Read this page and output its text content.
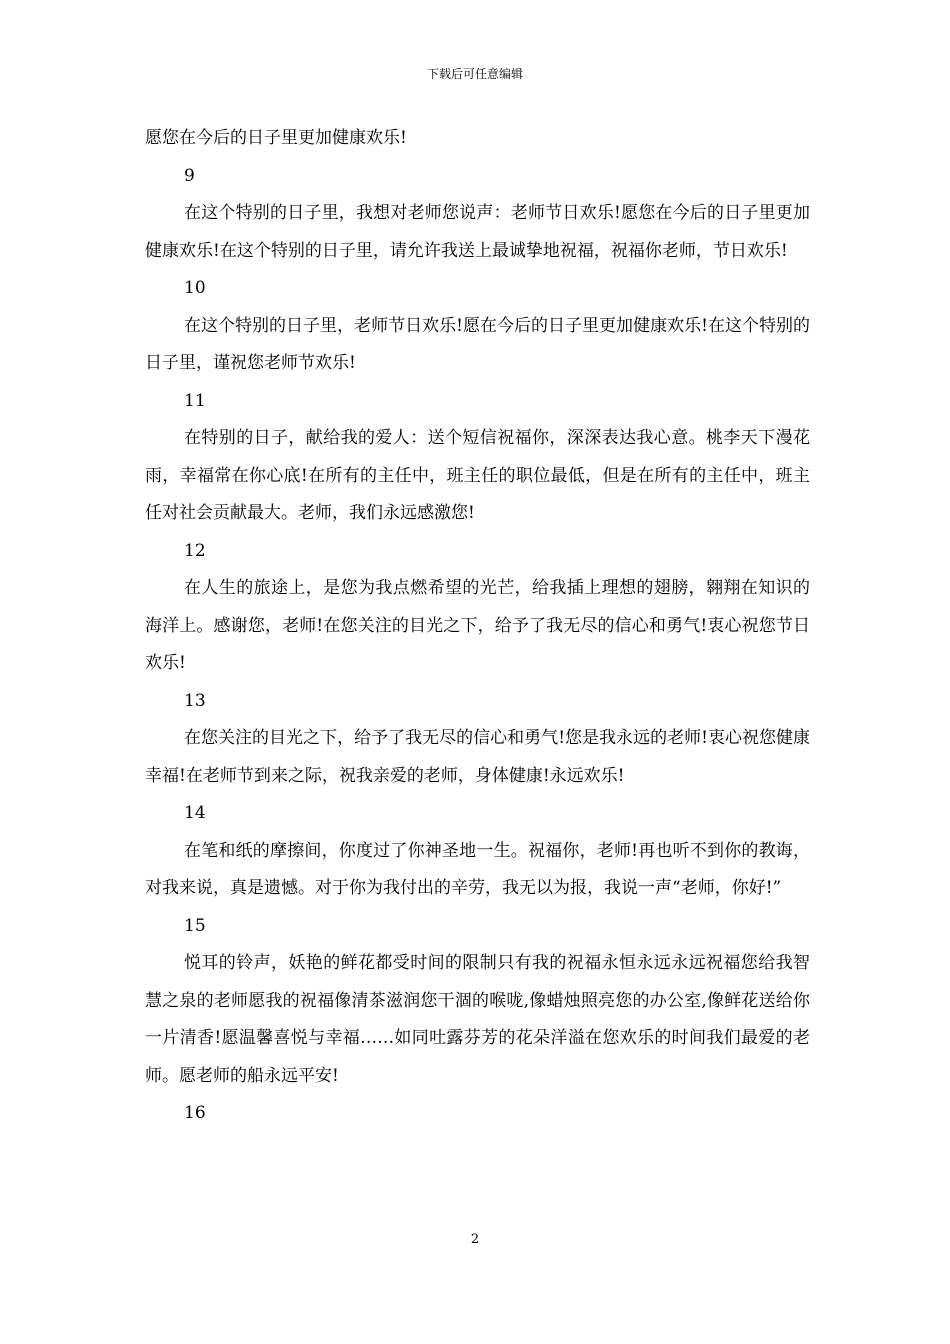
下载后可任意编辑

愿您在今后的日子里更加健康欢乐!

9

在这个特别的日子里，我想对老师您说声：老师节日欢乐!愿您在今后的日子里更加健康欢乐!在这个特别的日子里，请允许我送上最诚挚地祝福，祝福你老师，节日欢乐!

10

在这个特别的日子里，老师节日欢乐!愿在今后的日子里更加健康欢乐!在这个特别的日子里，谨祝您老师节欢乐!

11

在特别的日子，献给我的爱人：送个短信祝福你，深深表达我心意。桃李天下漫花雨，幸福常在你心底!在所有的主任中，班主任的职位最低，但是在所有的主任中，班主任对社会贡献最大。老师，我们永远感激您!

12

在人生的旅途上，是您为我点燃希望的光芒，给我插上理想的翅膀，翱翔在知识的海洋上。感谢您，老师!在您关注的目光之下，给予了我无尽的信心和勇气!衷心祝您节日欢乐!

13

在您关注的目光之下，给予了我无尽的信心和勇气!您是我永远的老师!衷心祝您健康幸福!在老师节到来之际，祝我亲爱的老师，身体健康!永远欢乐!

14

在笔和纸的摩擦间，你度过了你神圣地一生。祝福你，老师!再也听不到你的教诲，对我来说，真是遗憾。对于你为我付出的辛劳，我无以为报，我说一声“老师，你好!”

15

悦耳的铃声，妖艳的鲜花都受时间的限制只有我的祝福永恒永远永远祝福您给我智慧之泉的老师愿我的祝福像清茶滋润您干涸的喉咙,像蜡烛照亮您的办公室,像鲜花送给你一片清香!愿温馨喜悦与幸福……如同吐露芬芳的花朵洋溢在您欢乐的时间我们最爱的老师。愿老师的船永远平安!

16

2
